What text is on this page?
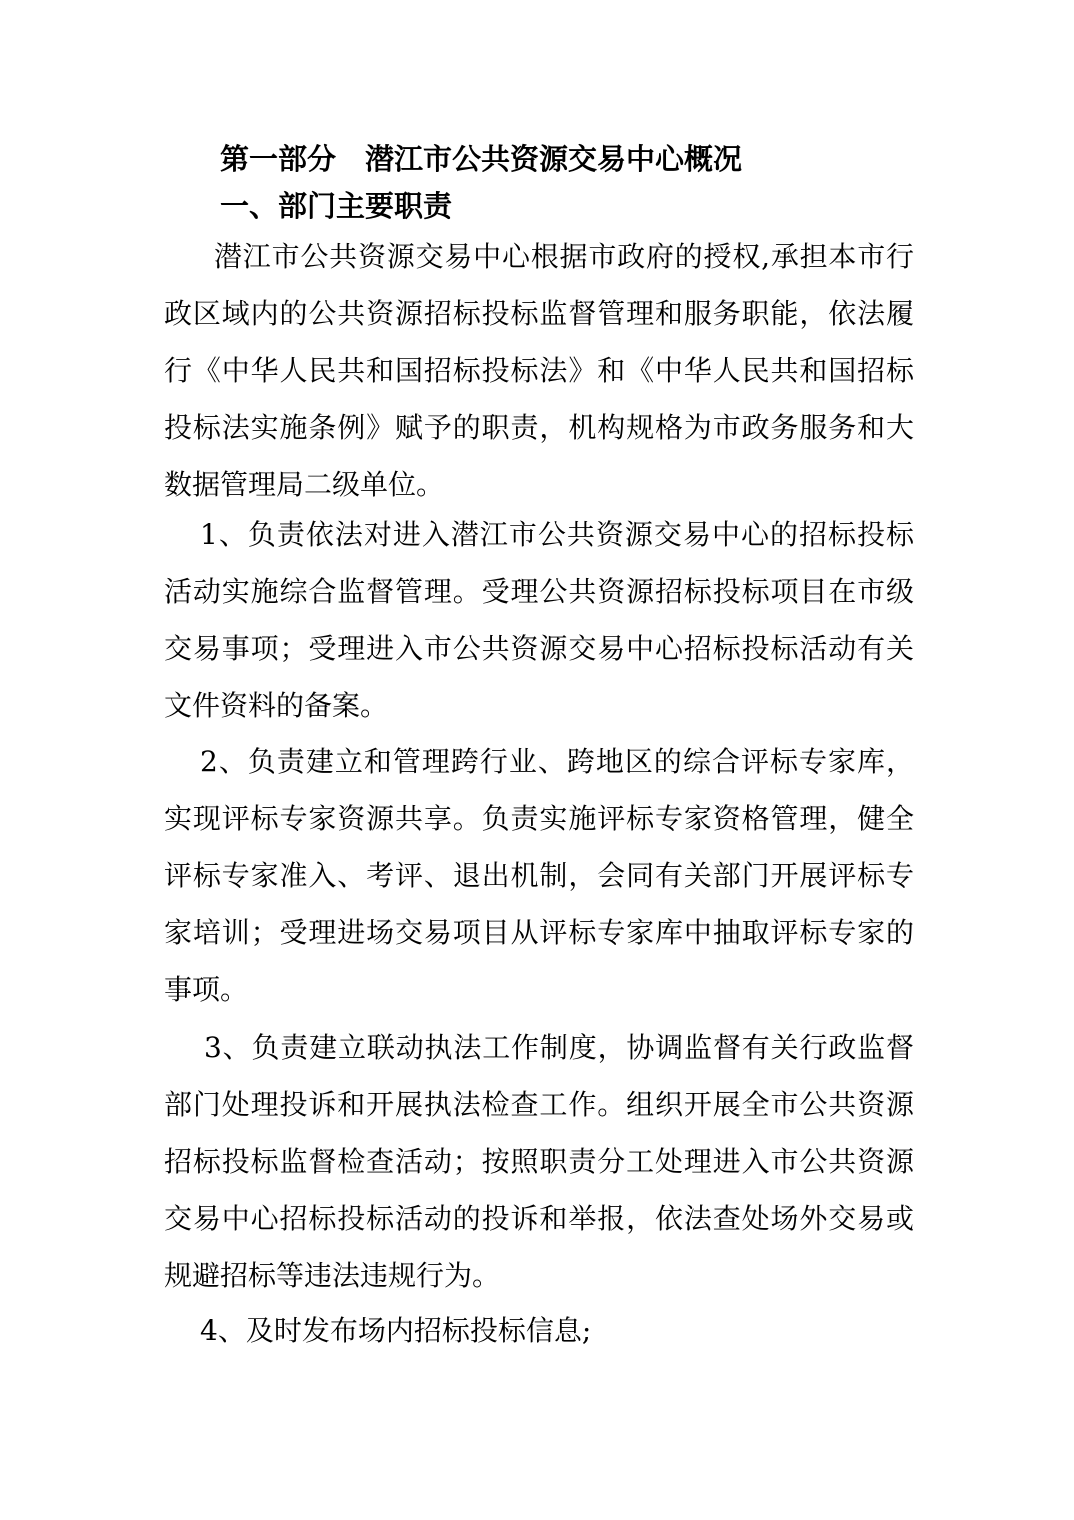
第一部分　潜江市公共资源交易中心概况
一、部门主要职责

潜江市公共资源交易中心根据市政府的授权,承担本市行政区域内的公共资源招标投标监督管理和服务职能，依法履行《中华人民共和国招标投标法》和《中华人民共和国招标投标法实施条例》赋予的职责，机构规格为市政务服务和大数据管理局二级单位。

1、负责依法对进入潜江市公共资源交易中心的招标投标活动实施综合监督管理。受理公共资源招标投标项目在市级交易事项；受理进入市公共资源交易中心招标投标活动有关文件资料的备案。

2、负责建立和管理跨行业、跨地区的综合评标专家库，实现评标专家资源共享。负责实施评标专家资格管理，健全评标专家准入、考评、退出机制，会同有关部门开展评标专家培训；受理进场交易项目从评标专家库中抽取评标专家的事项。

3、负责建立联动执法工作制度，协调监督有关行政监督部门处理投诉和开展执法检查工作。组织开展全市公共资源招标投标监督检查活动；按照职责分工处理进入市公共资源交易中心招标投标活动的投诉和举报，依法查处场外交易或规避招标等违法违规行为。

4、及时发布场内招标投标信息;
